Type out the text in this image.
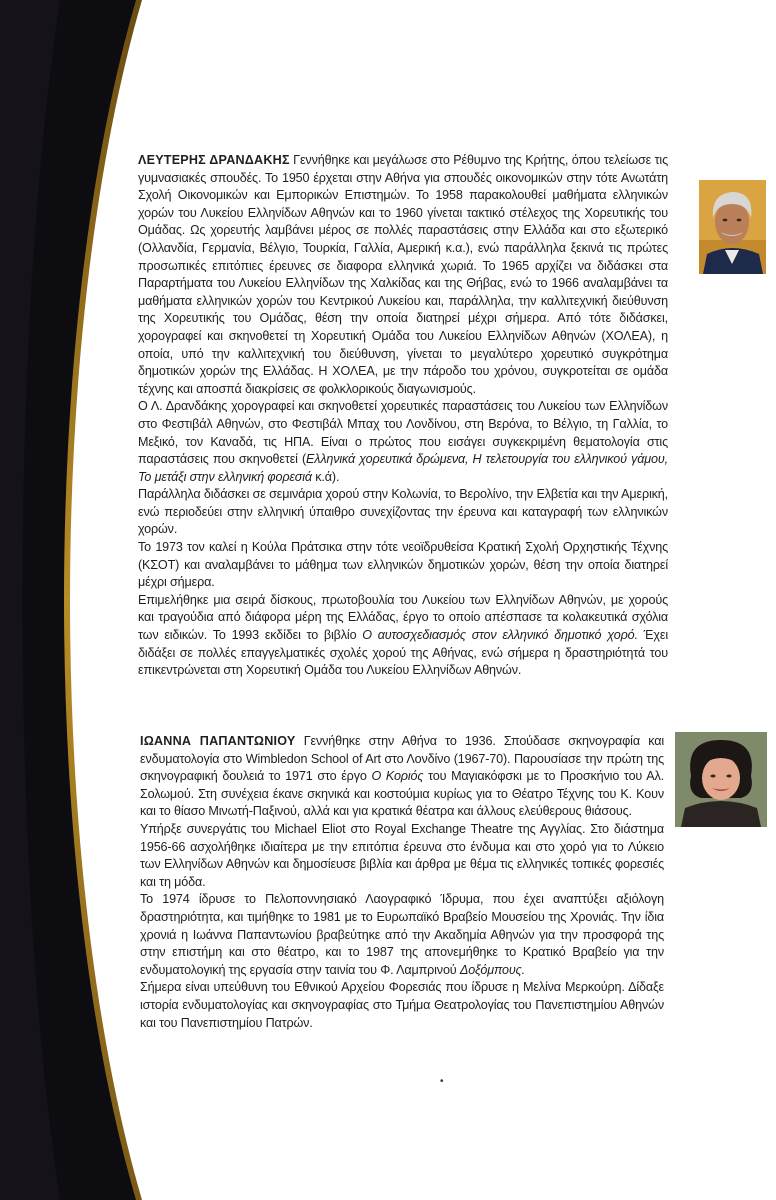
ΛΕΥΤΕΡΗΣ ΔΡΑΝΔΑΚΗΣ Γεννήθηκε και μεγάλωσε στο Ρέθυμνο της Κρήτης, όπου τελείωσε τις γυμνασιακές σπουδές. Το 1950 έρχεται στην Αθήνα για σπουδές οικονομικών στην τότε Ανωτάτη Σχολή Οικονομικών και Εμπορικών Επιστημών. Το 1958 παρακολουθεί μαθήματα ελληνικών χορών του Λυκείου Ελληνίδων Αθηνών και το 1960 γίνεται τακτικό στέλεχος της Χορευτικής του Ομάδας. Ως χορευτής λαμβάνει μέρος σε πολλές παραστάσεις στην Ελλάδα και στο εξωτερικό (Ολλανδία, Γερμανία, Βέλγιο, Τουρκία, Γαλλία, Αμερική κ.α.), ενώ παράλληλα ξεκινά τις πρώτες προσωπικές επιτόπιες έρευνες σε διαφορα ελληνικά χωριά. Το 1965 αρχίζει να διδάσκει στα Παραρτήματα του Λυκείου Ελληνίδων της Χαλκίδας και της Θήβας, ενώ το 1966 αναλαμβάνει τα μαθήματα ελληνικών χορών του Κεντρικού Λυκείου και, παράλληλα, την καλλιτεχνική διεύθυνση της Χορευτικής του Ομάδας, θέση την οποία διατηρεί μέχρι σήμερα. Από τότε διδάσκει, χορογραφεί και σκηνοθετεί τη Χορευτική Ομάδα του Λυκείου Ελληνίδων Αθηνών (ΧΟΛΕΑ), η οποία, υπό την καλλιτεχνική του διεύθυνση, γίνεται το μεγαλύτερο χορευτικό συγκρότημα δημοτικών χορών της Ελλάδας. Η ΧΟΛΕΑ, με την πάροδο του χρόνου, συγκροτείται σε ομάδα τέχνης και αποσπά διακρίσεις σε φολκλορικούς διαγωνισμούς.

Ο Λ. Δρανδάκης χορογραφεί και σκηνοθετεί χορευτικές παραστάσεις του Λυκείου των Ελληνίδων στο Φεστιβάλ Αθηνών, στο Φεστιβάλ Μπαχ του Λονδίνου, στη Βερόνα, το Βέλγιο, τη Γαλλία, το Μεξικό, τον Καναδά, τις ΗΠΑ. Είναι ο πρώτος που εισάγει συγκεκριμένη θεματολογία στις παραστάσεις που σκηνοθετεί (Ελληνικά χορευτικά δρώμενα, Η τελετουργία του ελληνικού γάμου, Το μετάξι στην ελληνική φορεσιά κ.ά).

Παράλληλα διδάσκει σε σεμινάρια χορού στην Κολωνία, το Βερολίνο, την Ελβετία και την Αμερική, ενώ περιοδεύει στην ελληνική ύπαιθρο συνεχίζοντας την έρευνα και καταγραφή των ελληνικών χορών.

Το 1973 τον καλεί η Κούλα Πράτσικα στην τότε νεοϊδρυθείσα Κρατική Σχολή Ορχηστικής Τέχνης (ΚΣΟΤ) και αναλαμβάνει το μάθημα των ελληνικών δημοτικών χορών, θέση την οποία διατηρεί μέχρι σήμερα.

Επιμελήθηκε μια σειρά δίσκους, πρωτοβουλία του Λυκείου των Ελληνίδων Αθηνών, με χορούς και τραγούδια από διάφορα μέρη της Ελλάδας, έργο το οποίο απέσπασε τα κολακευτικά σχόλια των ειδικών. Το 1993 εκδίδει το βιβλίο Ο αυτοσχεδιασμός στον ελληνικό δημοτικό χορό. Έχει διδάξει σε πολλές επαγγελματικές σχολές χορού της Αθήνας, ενώ σήμερα η δραστηριότητά του επικεντρώνεται στη Χορευτική Ομάδα του Λυκείου Ελληνίδων Αθηνών.

ΙΩΑΝΝΑ ΠΑΠΑΝΤΩΝΙΟΥ Γεννήθηκε στην Αθήνα το 1936. Σπούδασε σκηνογραφία και ενδυματολογία στο Wimbledon School of Art στο Λονδίνο (1967-70). Παρουσίασε την πρώτη της σκηνογραφική δουλειά το 1971 στο έργο Ο Κοριός του Μαγιακόφσκι με το Προσκήνιο του Αλ. Σολωμού. Στη συνέχεια έκανε σκηνικά και κοστούμια κυρίως για το Θέατρο Τέχνης του Κ. Κουν και το θίασο Μινωτή-Παξινού, αλλά και για κρατικά θέατρα και άλλους ελεύθερους θιάσους.

Υπήρξε συνεργάτις του Michael Eliot στο Royal Exchange Theatre της Αγγλίας. Στο διάστημα 1956-66 ασχολήθηκε ιδιαίτερα με την επιτόπια έρευνα στο ένδυμα και στο χορό για το Λύκειο των Ελληνίδων Αθηνών και δημοσίευσε βιβλία και άρθρα με θέμα τις ελληνικές τοπικές φορεσιές και τη μόδα.

Το 1974 ίδρυσε το Πελοποννησιακό Λαογραφικό Ίδρυμα, που έχει αναπτύξει αξιόλογη δραστηριότητα, και τιμήθηκε το 1981 με το Ευρωπαϊκό Βραβείο Μουσείου της Χρονιάς. Την ίδια χρονιά η Ιωάννα Παπαντωνίου βραβεύτηκε από την Ακαδημία Αθηνών για την προσφορά της στην επιστήμη και στο θέατρο, και το 1987 της απονεμήθηκε το Κρατικό Βραβείο για την ενδυματολογική της εργασία στην ταινία του Φ. Λαμπρινού Δοξόμπους.

Σήμερα είναι υπεύθυνη του Εθνικού Αρχείου Φορεσιάς που ίδρυσε η Μελίνα Μερκούρη. Δίδαξε ιστορία ενδυματολογίας και σκηνογραφίας στο Τμήμα Θεατρολογίας του Πανεπιστημίου Αθηνών και του Πανεπιστημίου Πατρών.

•
